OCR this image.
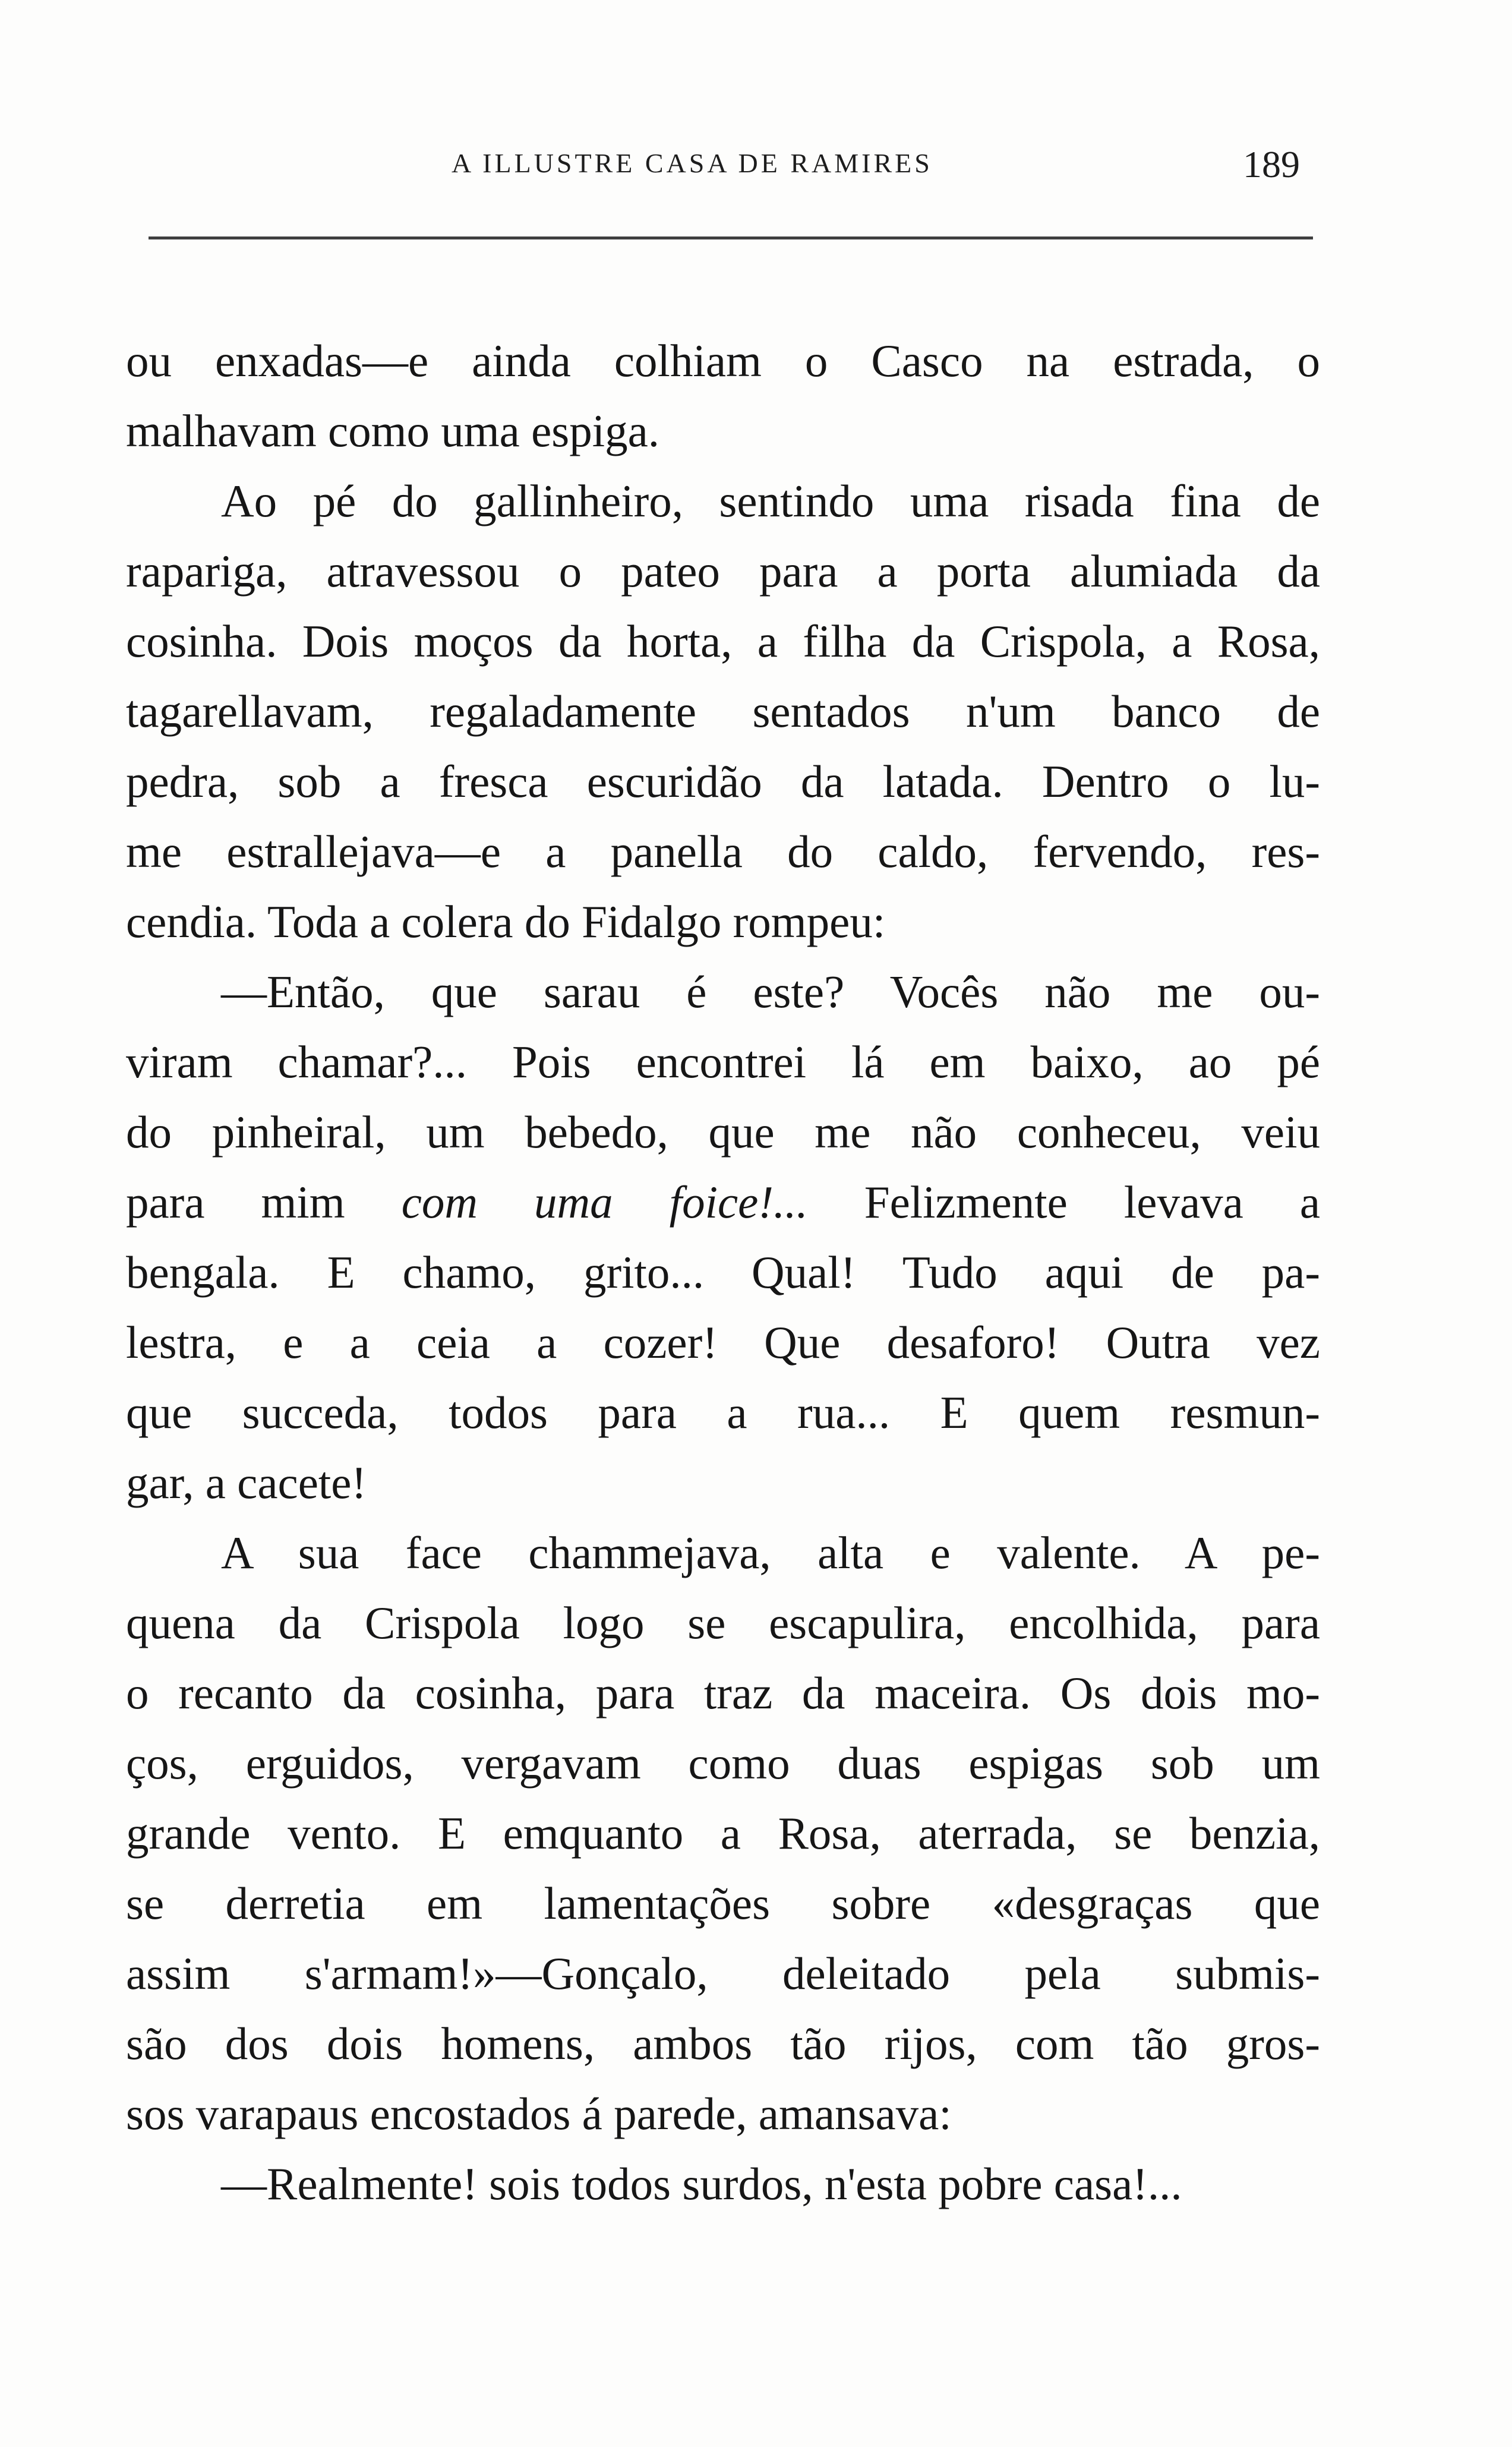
A ILLUSTRE CASA DE RAMIRES	189
ou enxadas—e ainda colhiam o Casco na estrada, o
malhavam como uma espiga.
Ao pé do gallinheiro, sentindo uma risada fina de
rapariga, atravessou o pateo para a porta alumiada da
cosinha. Dois moços da horta, a filha da Crispola, a Rosa,
tagarellavam, regaladamente sentados n'um banco de
pedra, sob a fresca escuridão da latada. Dentro o lu-
me estrallejava—e a panella do caldo, fervendo, res-
cendia. Toda a colera do Fidalgo rompeu:
—Então, que sarau é este? Vocês não me ou-
viram chamar?... Pois encontrei lá em baixo, ao pé
do pinheiral, um bebedo, que me não conheceu, veiu
para mim com uma foice!... Felizmente levava a
bengala. E chamo, grito... Qual! Tudo aqui de pa-
lestra, e a ceia a cozer! Que desaforo! Outra vez
que succeda, todos para a rua... E quem resmun-
gar, a cacete!
A sua face chammejava, alta e valente. A pe-
quena da Crispola logo se escapulira, encolhida, para
o recanto da cosinha, para traz da maceira. Os dois mo-
ços, erguidos, vergavam como duas espigas sob um
grande vento. E emquanto a Rosa, aterrada, se benzia,
se derretia em lamentações sobre «desgraças que
assim s'armam!»—Gonçalo, deleitado pela submis-
são dos dois homens, ambos tão rijos, com tão gros-
sos varapaus encostados á parede, amansava:
—Realmente! sois todos surdos, n'esta pobre casa!...
